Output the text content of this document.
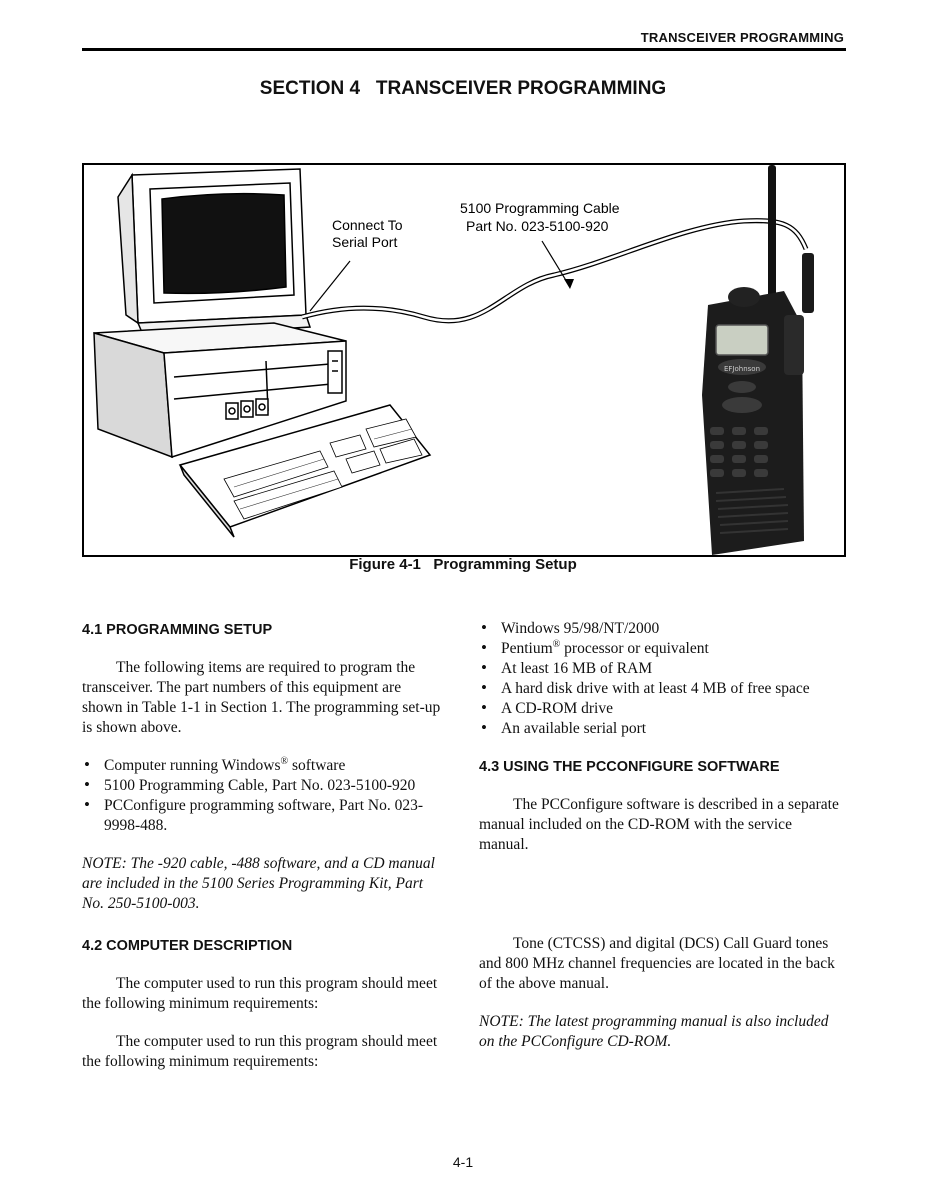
TRANSCEIVER PROGRAMMING
SECTION 4   TRANSCEIVER PROGRAMMING
EFJohnson
Connect To
Serial Port
5100 Programming Cable
Part No. 023-5100-920
Figure 4-1   Programming Setup
4.1 PROGRAMMING SETUP

The following items are required to program the transceiver. The part numbers of this equipment are shown in Table 1-1 in Section 1. The programming set-up is shown above.

• Computer running Windows® software
• 5100 Programming Cable, Part No. 023-5100-920
• PCConfigure programming software, Part No. 023-9998-488.
NOTE: The -920 cable, -488 software, and a CD manual are included in the 5100 Series Programming Kit, Part No. 250-5100-003.
4.2 COMPUTER DESCRIPTION

The computer used to run this program should meet the following minimum requirements:

The computer used to run this program should meet the following minimum requirements:

• Windows 95/98/NT/2000
• Pentium® processor or equivalent
• At least 16 MB of RAM
• A hard disk drive with at least 4 MB of free space
• A CD-ROM drive
• An available serial port
4.3 USING THE PCCONFIGURE SOFTWARE

The PCConfigure software is described in a separate manual included on the CD-ROM with the service manual.

Tone (CTCSS) and digital (DCS) Call Guard tones and 800 MHz channel frequencies are located in the back of the above manual.

NOTE: The latest programming manual is also included on the PCConfigure CD-ROM.
4-1
